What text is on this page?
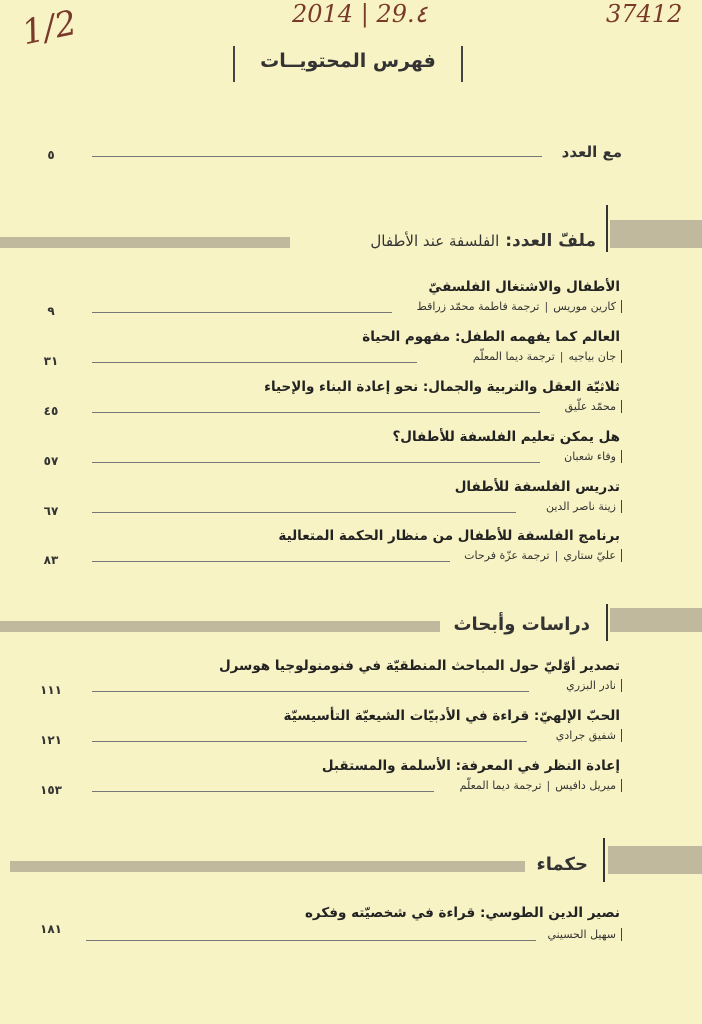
1/2	2014 | 29.٤	37412
فهرس المحتويــات
مع العدد
٥
ملفّ العدد: الفلسفة عند الأطفال
الأطفال والاشتغال الفلسفيّ
كارين موريس|ترجمة فاطمة محمّد زراقط
٩
العالم كما يفهمه الطفل: مفهوم الحياة
جان بياجيه|ترجمة ديما المعلّم
٣١
ثلاثيّة العقل والتربية والجمال: نحو إعادة البناء والإحياء
محمّد علّيق
٤٥
هل يمكن تعليم الفلسفة للأطفال؟
وفاء شعبان
٥٧
تدريس الفلسفة للأطفال
زينة ناصر الدين
٦٧
برنامج الفلسفة للأطفال من منظار الحكمة المتعالية
عليّ ستاري|ترجمة عزّة فرحات
٨٣
دراسات وأبحاث
تصدير أوّليّ حول المباحث المنطقيّة في فنومنولوجيا هوسرل
نادر البزري
١١١
الحبّ الإلهيّ: قراءة في الأدبيّات الشيعيّة التأسيسيّة
شفيق جرادي
١٢١
إعادة النظر في المعرفة: الأسلمة والمستقبل
ميريل دافيس|ترجمة ديما المعلّم
١٥٣
حكماء
نصير الدين الطوسي: قراءة في شخصيّته وفكره
سهيل الحسيني
١٨١
